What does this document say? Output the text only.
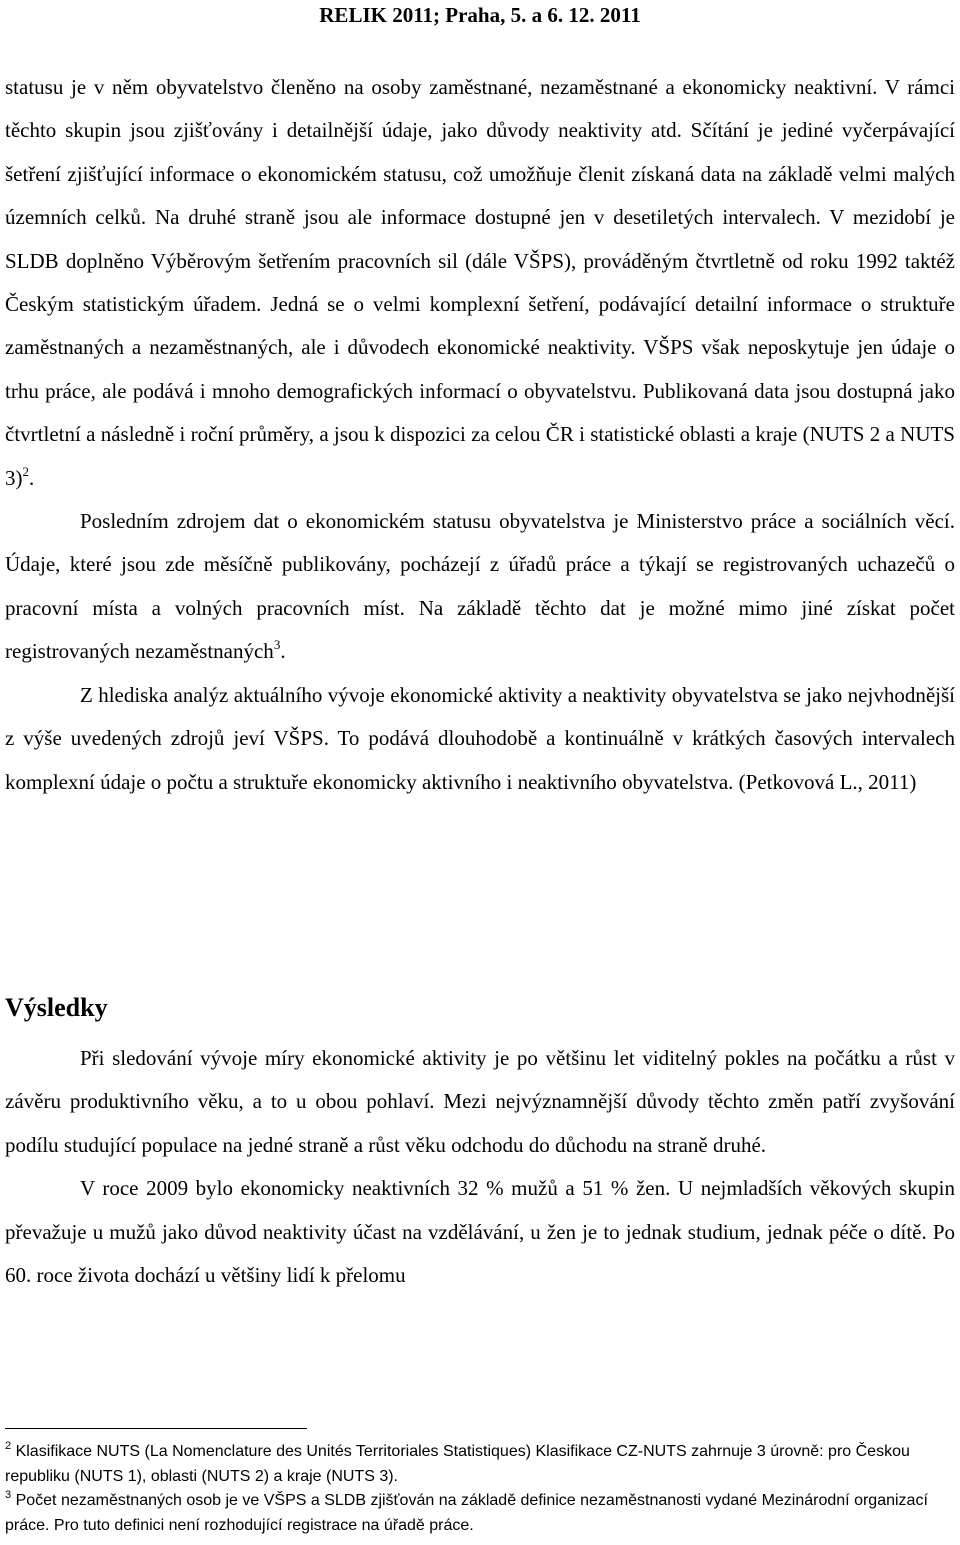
RELIK 2011; Praha, 5. a 6. 12. 2011

statusu je v něm obyvatelstvo členěno na osoby zaměstnané, nezaměstnané a ekonomicky neaktivní. V rámci těchto skupin jsou zjišťovány i detailnější údaje, jako důvody neaktivity atd. Sčítání je jediné vyčerpávající šetření zjišťující informace o ekonomickém statusu, což umožňuje členit získaná data na základě velmi malých územních celků. Na druhé straně jsou ale informace dostupné jen v desetiletých intervalech. V mezidobí je SLDB doplněno Výběrovým šetřením pracovních sil (dále VŠPS), prováděným čtvrtletně od roku 1992 taktéž Českým statistickým úřadem. Jedná se o velmi komplexní šetření, podávající detailní informace o struktuře zaměstnaných a nezaměstnaných, ale i důvodech ekonomické neaktivity. VŠPS však neposkytuje jen údaje o trhu práce, ale podává i mnoho demografických informací o obyvatelstvu. Publikovaná data jsou dostupná jako čtvrtletní a následně i roční průměry, a jsou k dispozici za celou ČR i statistické oblasti a kraje (NUTS 2 a NUTS 3)$^2$.

Posledním zdrojem dat o ekonomickém statusu obyvatelstva je Ministerstvo práce a sociálních věcí. Údaje, které jsou zde měsíčně publikovány, pocházejí z úřadů práce a týkají se registrovaných uchazečů o pracovní místa a volných pracovních míst. Na základě těchto dat je možné mimo jiné získat počet registrovaných nezaměstnaných$^3$.

Z hlediska analýz aktuálního vývoje ekonomické aktivity a neaktivity obyvatelstva se jako nejvhodnější z výše uvedených zdrojů jeví VŠPS. To podává dlouhodobě a kontinuálně v krátkých časových intervalech komplexní údaje o počtu a struktuře ekonomicky aktivního i neaktivního obyvatelstva. (Petkovová L., 2011)

Výsledky

Při sledování vývoje míry ekonomické aktivity je po většinu let viditelný pokles na počátku a růst v závěru produktivního věku, a to u obou pohlaví. Mezi nejvýznamnější důvody těchto změn patří zvyšování podílu studující populace na jedné straně a růst věku odchodu do důchodu na straně druhé.

V roce 2009 bylo ekonomicky neaktivních 32 % mužů a 51 % žen. U nejmladších věkových skupin převažuje u mužů jako důvod neaktivity účast na vzdělávání, u žen je to jednak studium, jednak péče o dítě. Po 60. roce života dochází u většiny lidí k přelomu

$^2$ Klasifikace NUTS (La Nomenclature des Unités Territoriales Statistiques) Klasifikace CZ-NUTS zahrnuje 3 úrovně: pro Českou republiku (NUTS 1), oblasti (NUTS 2) a kraje (NUTS 3).

$^3$ Počet nezaměstnaných osob je ve VŠPS a SLDB zjišťován na základě definice nezaměstnanosti vydané Mezinárodní organizací práce. Pro tuto definici není rozhodující registrace na úřadě práce.
